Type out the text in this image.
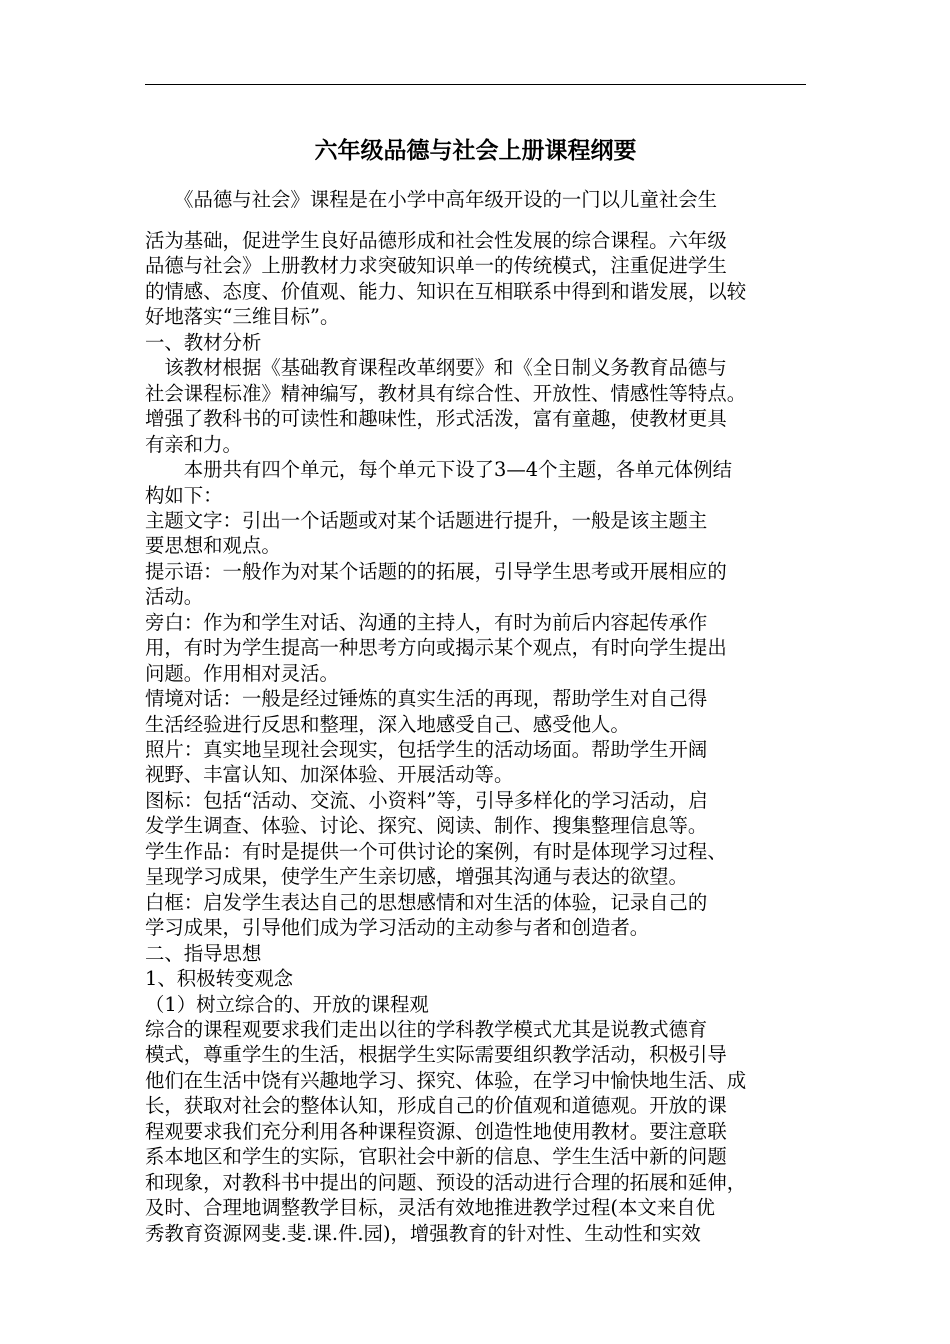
六年级品德与社会上册课程纲要
　　《品德与社会》课程是在小学中高年级开设的一门以儿童社会生
活为基础，促进学生良好品德形成和社会性发展的综合课程。六年级
品德与社会》上册教材力求突破知识单一的传统模式，注重促进学生
的情感、态度、价值观、能力、知识在互相联系中得到和谐发展，以较
好地落实“三维目标”。
一、教材分析
　该教材根据《基础教育课程改革纲要》和《全日制义务教育品德与
社会课程标准》精神编写，教材具有综合性、开放性、情感性等特点。
增强了教科书的可读性和趣味性，形式活泼，富有童趣，使教材更具
有亲和力。
　　本册共有四个单元，每个单元下设了3—4个主题，各单元体例结
构如下：
主题文字：引出一个话题或对某个话题进行提升，一般是该主题主
要思想和观点。
提示语：一般作为对某个话题的的拓展，引导学生思考或开展相应的
活动。
旁白：作为和学生对话、沟通的主持人，有时为前后内容起传承作
用，有时为学生提高一种思考方向或揭示某个观点，有时向学生提出
问题。作用相对灵活。
情境对话：一般是经过锤炼的真实生活的再现，帮助学生对自己得
生活经验进行反思和整理，深入地感受自己、感受他人。
照片：真实地呈现社会现实，包括学生的活动场面。帮助学生开阔
视野、丰富认知、加深体验、开展活动等。
图标：包括“活动、交流、小资料”等，引导多样化的学习活动，启
发学生调查、体验、讨论、探究、阅读、制作、搜集整理信息等。
学生作品：有时是提供一个可供讨论的案例，有时是体现学习过程、
呈现学习成果，使学生产生亲切感，增强其沟通与表达的欲望。
白框：启发学生表达自己的思想感情和对生活的体验，记录自己的
学习成果，引导他们成为学习活动的主动参与者和创造者。
二、指导思想
1、积极转变观念
（1）树立综合的、开放的课程观
综合的课程观要求我们走出以往的学科教学模式尤其是说教式德育
模式，尊重学生的生活，根据学生实际需要组织教学活动，积极引导
他们在生活中饶有兴趣地学习、探究、体验，在学习中愉快地生活、成
长，获取对社会的整体认知，形成自己的价值观和道德观。开放的课
程观要求我们充分利用各种课程资源、创造性地使用教材。要注意联
系本地区和学生的实际，官职社会中新的信息、学生生活中新的问题
和现象，对教科书中提出的问题、预设的活动进行合理的拓展和延伸，
及时、合理地调整教学目标，灵活有效地推进教学过程(本文来自优
秀教育资源网斐.斐.课.件.园)，增强教育的针对性、生动性和实效
